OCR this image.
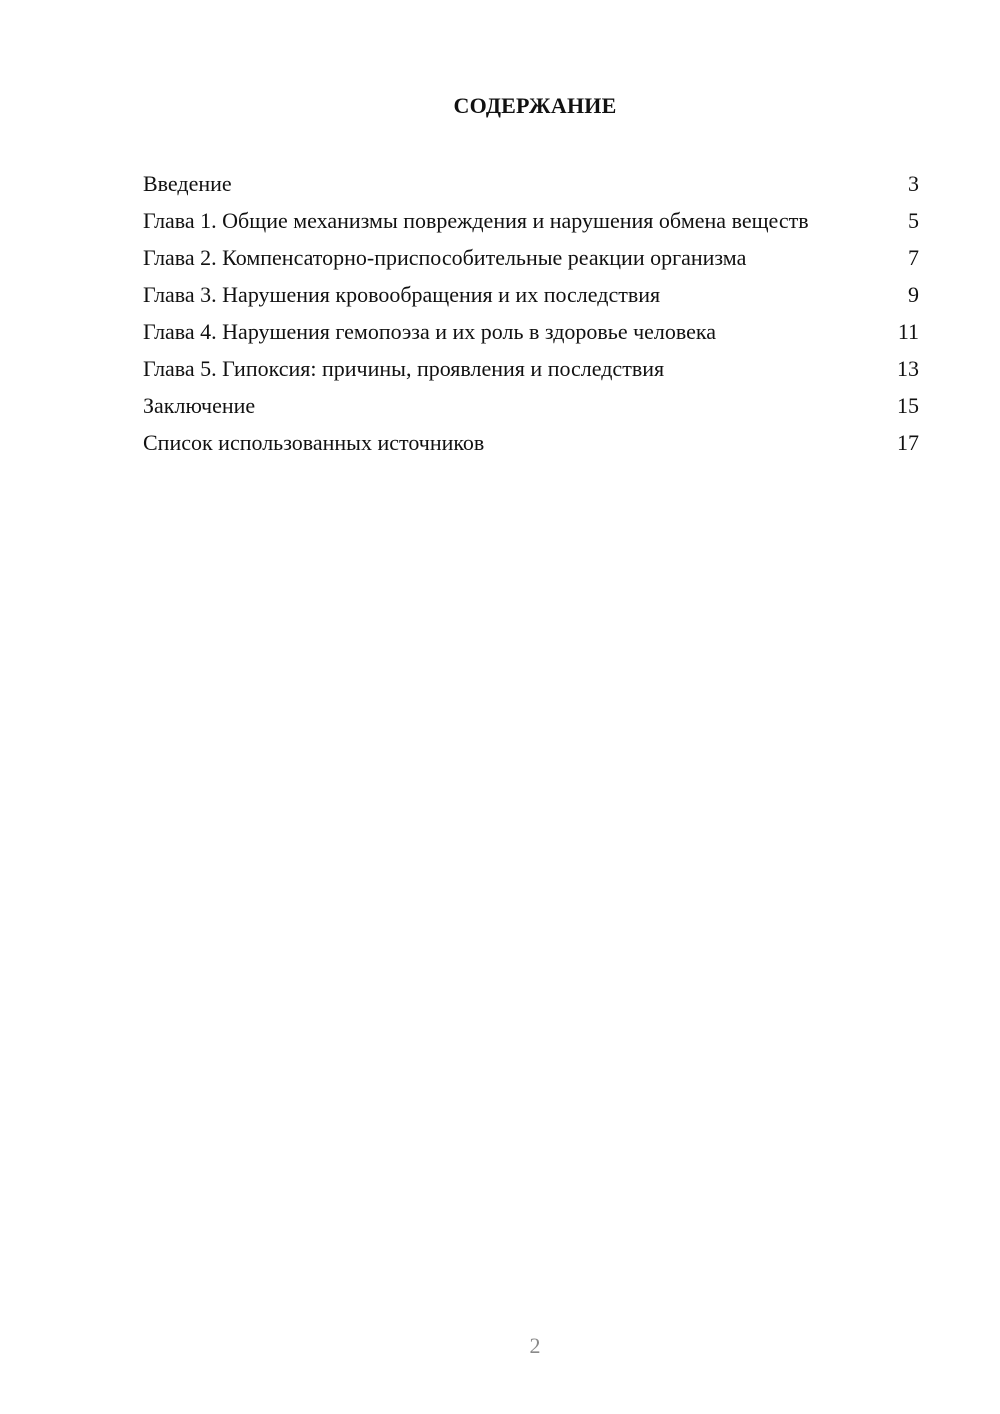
СОДЕРЖАНИЕ
Введение	3
Глава 1. Общие механизмы повреждения и нарушения обмена веществ	5
Глава 2. Компенсаторно-приспособительные реакции организма	7
Глава 3. Нарушения кровообращения и их последствия	9
Глава 4. Нарушения гемопоэза и их роль в здоровье человека	11
Глава 5. Гипоксия: причины, проявления и последствия	13
Заключение	15
Список использованных источников	17
2
